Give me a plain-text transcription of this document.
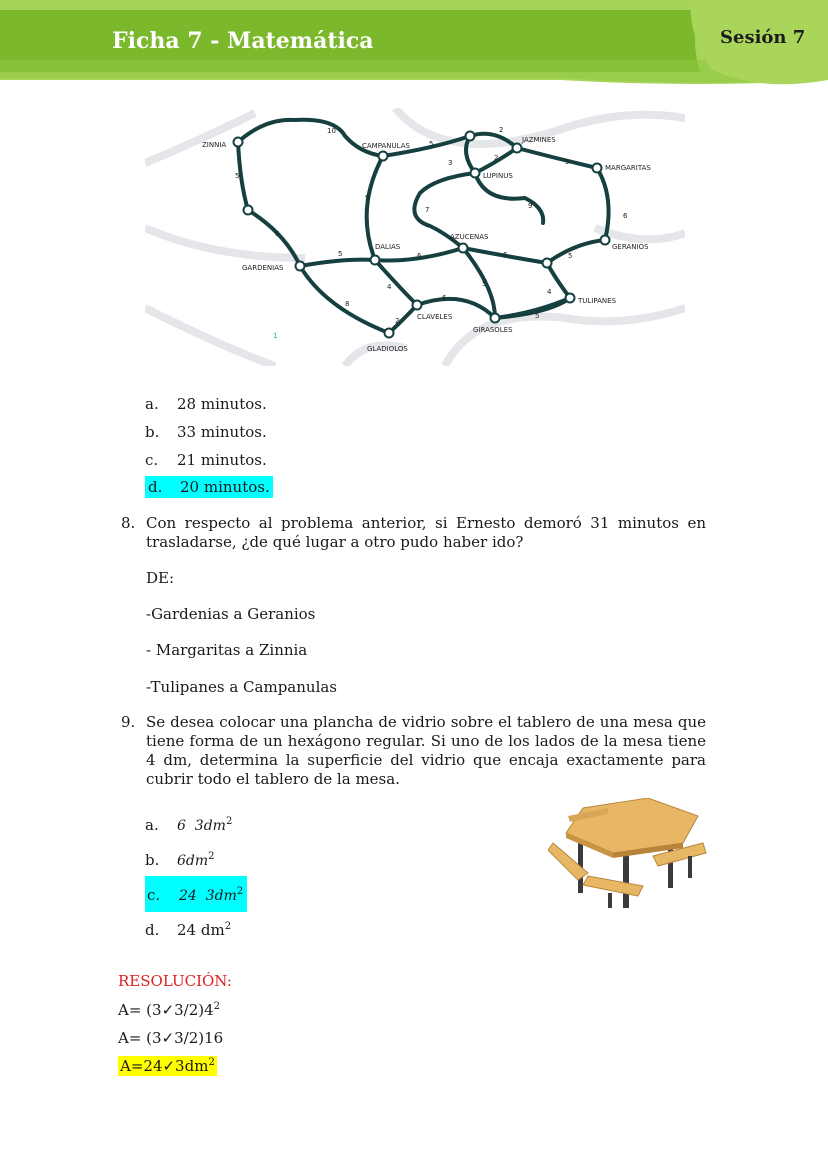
Ficha 7 - Matemática	Sesión 7
ZINNIA	CAMPANULAS
JAZMINES
MARGARITAS
LUPINUS
AZUCENAS
GERANIOS
DALIAS
GARDENIAS
TULIPANES
CLAVELES
GIRASOLES
GLADIOLOS
10
5
2
3
2	5
5
9
7	9
6
6
5	6	6	5
4	5
4
6
8
2
5
1
a. 28 minutos.
b. 33 minutos.
c. 21 minutos.
d. 20 minutos.
8. Con respecto al problema anterior, si Ernesto demoró 31 minutos en trasladarse, ¿de qué lugar a otro pudo haber ido?
DE:
-Gardenias a Geranios
- Margaritas a Zinnia
-Tulipanes a Campanulas
9. Se desea colocar una plancha de vidrio sobre el tablero de una mesa que tiene forma de un hexágono regular. Si uno de los lados de la mesa tiene 4 dm, determina la superficie del vidrio que encaja exactamente para cubrir todo el tablero de la mesa.
a. 6  $3dm^2$
b. $6dm^2$
c. 24  $3dm^2$
d. 24 $dm^2$
RESOLUCIÓN:
$A= (3✓3/2)4^2$
A= (3✓3/2)16
$A=24✓3dm^2$
